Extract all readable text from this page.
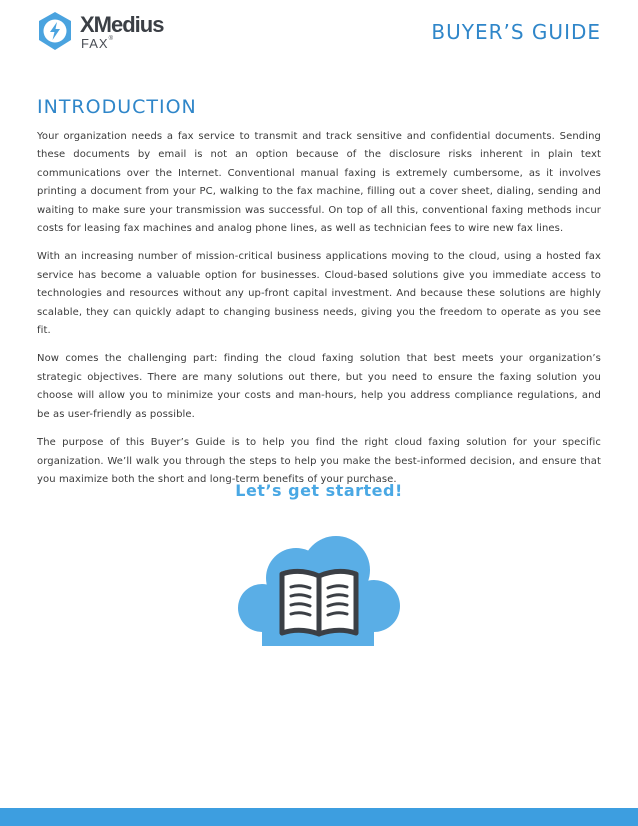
XMedius
FAX®	BUYER’S GUIDE
INTRODUCTION

Your organization needs a fax service to transmit and track sensitive and confidential documents. Sending these documents by email is not an option because of the disclosure risks inherent in plain text communications over the Internet. Conventional manual faxing is extremely cumbersome, as it involves printing a document from your PC, walking to the fax machine, filling out a cover sheet, dialing, sending and waiting to make sure your transmission was successful. On top of all this, conventional faxing methods incur costs for leasing fax machines and analog phone lines, as well as technician fees to wire new fax lines.

With an increasing number of mission-critical business applications moving to the cloud, using a hosted fax service has become a valuable option for businesses. Cloud-based solutions give you immediate access to technologies and resources without any up-front capital investment. And because these solutions are highly scalable, they can quickly adapt to changing business needs, giving you the freedom to operate as you see fit.

Now comes the challenging part: finding the cloud faxing solution that best meets your organization’s strategic objectives. There are many solutions out there, but you need to ensure the faxing solution you choose will allow you to minimize your costs and man-hours, help you address compliance regulations, and be as user-friendly as possible.

The purpose of this Buyer’s Guide is to help you find the right cloud faxing solution for your specific organization. We’ll walk you through the steps to help you make the best-informed decision, and ensure that you maximize both the short and long-term benefits of your purchase.

Let’s get started!
